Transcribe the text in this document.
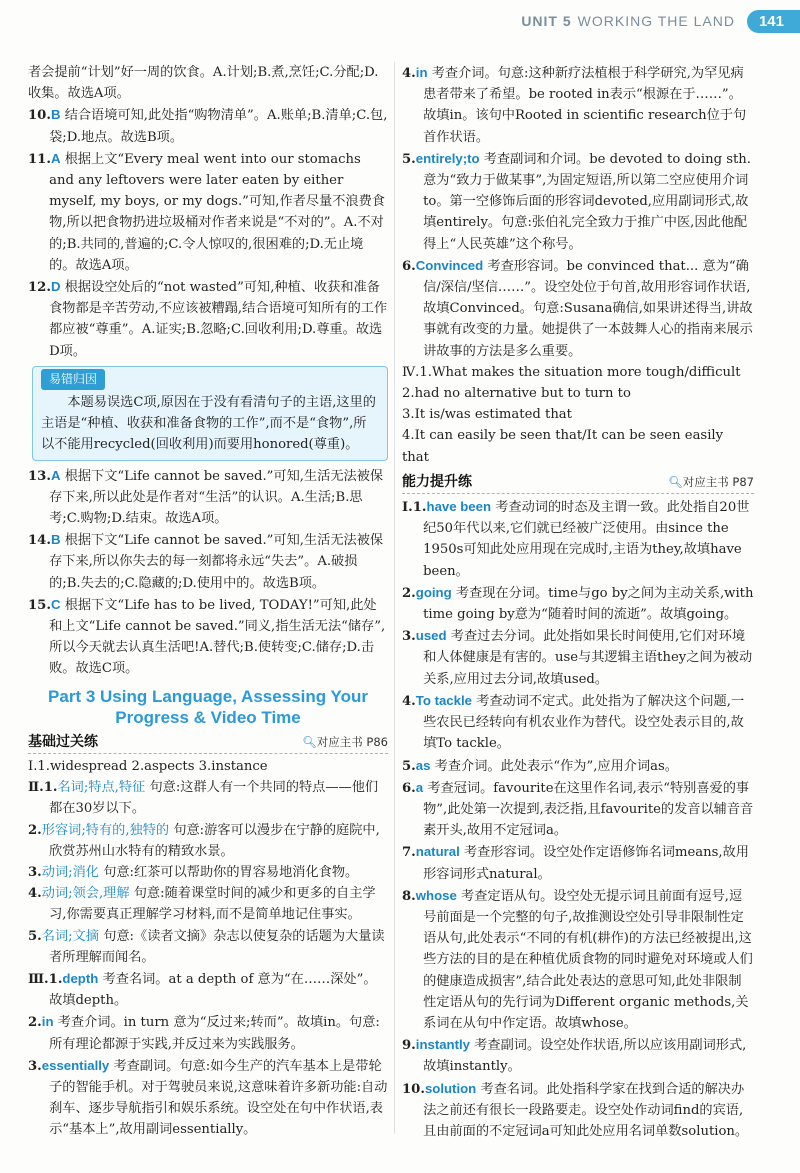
UNIT 5 WORKING THE LAND	141

者会提前“计划”好一周的饮食。A.计划;B.煮,烹饪;C.分配;D.收集。故选A项。

10.B 结合语境可知,此处指“购物清单”。A.账单;B.清单;C.包,袋;D.地点。故选B项。

11.A 根据上文“Every meal went into our stomachs and any leftovers were later eaten by either myself, my boys, or my dogs.”可知,作者尽量不浪费食物,所以把食物扔进垃圾桶对作者来说是“不对的”。A.不对的;B.共同的,普遍的;C.令人惊叹的,很困难的;D.无止境的。故选A项。

12.D 根据设空处后的“not wasted”可知,种植、收获和准备食物都是辛苦劳动,不应该被糟蹋,结合语境可知所有的工作都应被“尊重”。A.证实;B.忽略;C.回收利用;D.尊重。故选D项。

易错归因
本题易误选C项,原因在于没有看清句子的主语,这里的主语是“种植、收获和准备食物的工作”,而不是“食物”,所以不能用recycled(回收利用)而要用honored(尊重)。

13.A 根据下文“Life cannot be saved.”可知,生活无法被保存下来,所以此处是作者对“生活”的认识。A.生活;B.思考;C.购物;D.结束。故选A项。

14.B 根据下文“Life cannot be saved.”可知,生活无法被保存下来,所以你失去的每一刻都将永远“失去”。A.破损的;B.失去的;C.隐藏的;D.使用中的。故选B项。

15.C 根据下文“Life has to be lived, TODAY!”可知,此处和上文“Life cannot be saved.”同义,指生活无法“储存”,所以今天就去认真生活吧!A.替代;B.使转变;C.储存;D.击败。故选C项。

Part 3 Using Language, Assessing Your Progress & Video Time
基础过关练	🔍︎对应主书 P86

Ⅰ.1.widespread 2.aspects 3.instance

Ⅱ.1.名词;特点,特征 句意:这群人有一个共同的特点——他们都在30岁以下。

2.形容词;特有的,独特的 句意:游客可以漫步在宁静的庭院中,欣赏苏州山水特有的精致水景。

3.动词;消化 句意:红茶可以帮助你的胃容易地消化食物。

4.动词;领会,理解 句意:随着课堂时间的减少和更多的自主学习,你需要真正理解学习材料,而不是简单地记住事实。

5.名词;文摘 句意:《读者文摘》杂志以使复杂的话题为大量读者所理解而闻名。

Ⅲ.1.depth 考查名词。at a depth of 意为“在……深处”。故填depth。

2.in 考查介词。in turn 意为“反过来;转而”。故填in。句意:所有理论都源于实践,并反过来为实践服务。

3.essentially 考查副词。句意:如今生产的汽车基本上是带轮子的智能手机。对于驾驶员来说,这意味着许多新功能:自动刹车、逐步导航指引和娱乐系统。设空处在句中作状语,表示“基本上”,故用副词essentially。

4.in 考查介词。句意:这种新疗法植根于科学研究,为罕见病患者带来了希望。be rooted in表示“根源在于……”。故填in。该句中Rooted in scientific research位于句首作状语。

5.entirely;to 考查副词和介词。be devoted to doing sth.意为“致力于做某事”,为固定短语,所以第二空应使用介词to。第一空修饰后面的形容词devoted,应用副词形式,故填entirely。句意:张伯礼完全致力于推广中医,因此他配得上“人民英雄”这个称号。

6.Convinced 考查形容词。be convinced that... 意为“确信/深信/坚信……”。设空处位于句首,故用形容词作状语,故填Convinced。句意:Susana确信,如果讲述得当,讲故事就有改变的力量。她提供了一本鼓舞人心的指南来展示讲故事的方法是多么重要。

Ⅳ.1.What makes the situation more tough/difficult

2.had no alternative but to turn to

3.It is/was estimated that

4.It can easily be seen that/It can be seen easily that

能力提升练	🔍︎对应主书 P87

Ⅰ.1.have been 考查动词的时态及主谓一致。此处指自20世纪50年代以来,它们就已经被广泛使用。由since the 1950s可知此处应用现在完成时,主语为they,故填have been。

2.going 考查现在分词。time与go by之间为主动关系,with time going by意为“随着时间的流逝”。故填going。

3.used 考查过去分词。此处指如果长时间使用,它们对环境和人体健康是有害的。use与其逻辑主语they之间为被动关系,应用过去分词,故填used。

4.To tackle 考查动词不定式。此处指为了解决这个问题,一些农民已经转向有机农业作为替代。设空处表示目的,故填To tackle。

5.as 考查介词。此处表示“作为”,应用介词as。

6.a 考查冠词。favourite在这里作名词,表示“特别喜爱的事物”,此处第一次提到,表泛指,且favourite的发音以辅音音素开头,故用不定冠词a。

7.natural 考查形容词。设空处作定语修饰名词means,故用形容词形式natural。

8.whose 考查定语从句。设空处无提示词且前面有逗号,逗号前面是一个完整的句子,故推测设空处引导非限制性定语从句,此处表示“不同的有机(耕作)的方法已经被提出,这些方法的目的是在种植优质食物的同时避免对环境或人们的健康造成损害”,结合此处表达的意思可知,此处非限制性定语从句的先行词为Different organic methods,关系词在从句中作定语。故填whose。

9.instantly 考查副词。设空处作状语,所以应该用副词形式,故填instantly。

10.solution 考查名词。此处指科学家在找到合适的解决办法之前还有很长一段路要走。设空处作动词find的宾语,且由前面的不定冠词a可知此处应用名词单数solution。
